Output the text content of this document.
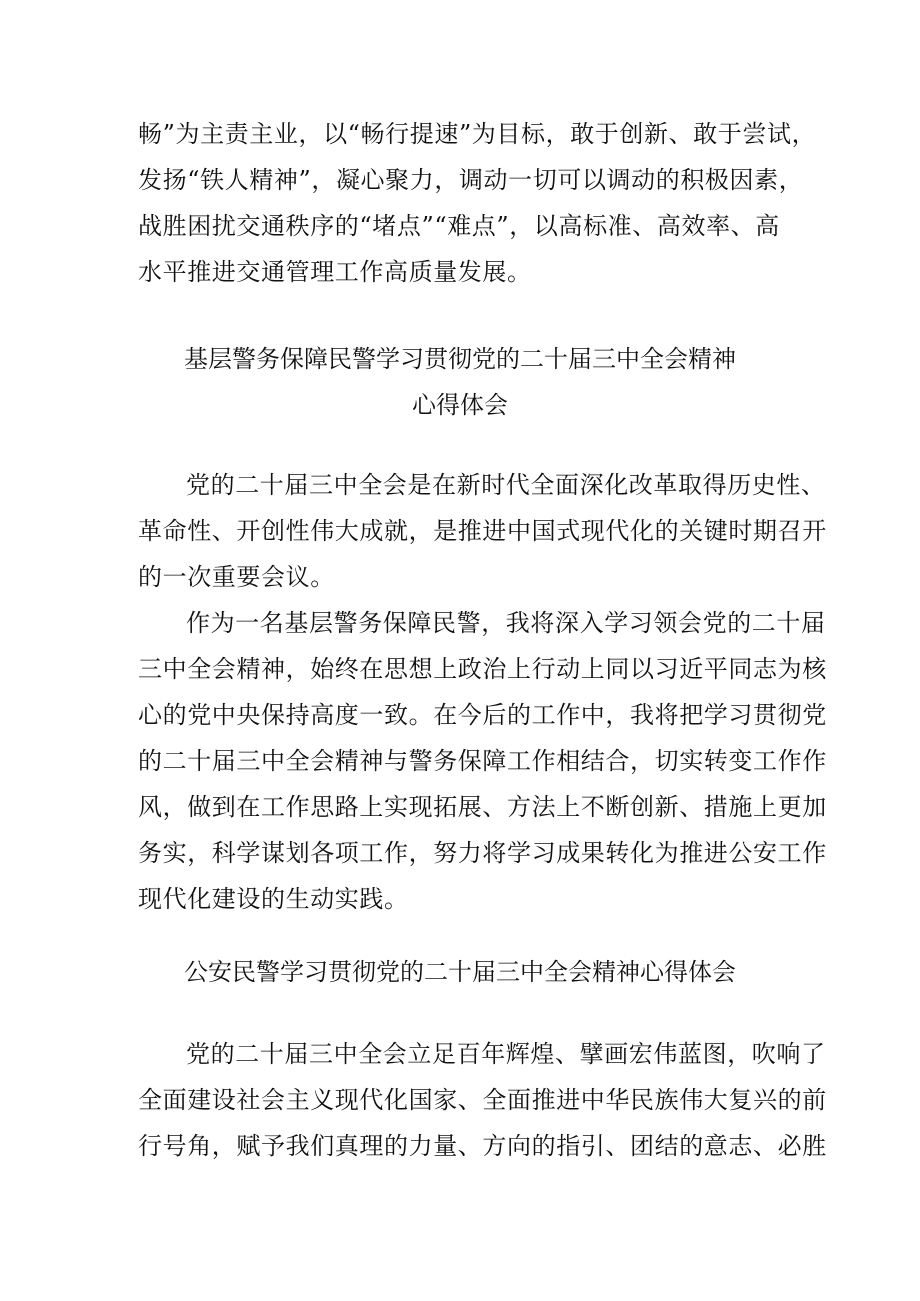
畅”为主责主业，以“畅行提速”为目标，敢于创新、敢于尝试，
发扬“铁人精神”，凝心聚力，调动一切可以调动的积极因素，
战胜困扰交通秩序的“堵点”“难点”，以高标准、高效率、高
水平推进交通管理工作高质量发展。
基层警务保障民警学习贯彻党的二十届三中全会精神
心得体会
党的二十届三中全会是在新时代全面深化改革取得历史性、
革命性、开创性伟大成就，是推进中国式现代化的关键时期召开
的一次重要会议。
作为一名基层警务保障民警，我将深入学习领会党的二十届
三中全会精神，始终在思想上政治上行动上同以习近平同志为核
心的党中央保持高度一致。在今后的工作中，我将把学习贯彻党
的二十届三中全会精神与警务保障工作相结合，切实转变工作作
风，做到在工作思路上实现拓展、方法上不断创新、措施上更加
务实，科学谋划各项工作，努力将学习成果转化为推进公安工作
现代化建设的生动实践。
公安民警学习贯彻党的二十届三中全会精神心得体会
党的二十届三中全会立足百年辉煌、擘画宏伟蓝图，吹响了
全面建设社会主义现代化国家、全面推进中华民族伟大复兴的前
行号角，赋予我们真理的力量、方向的指引、团结的意志、必胜
